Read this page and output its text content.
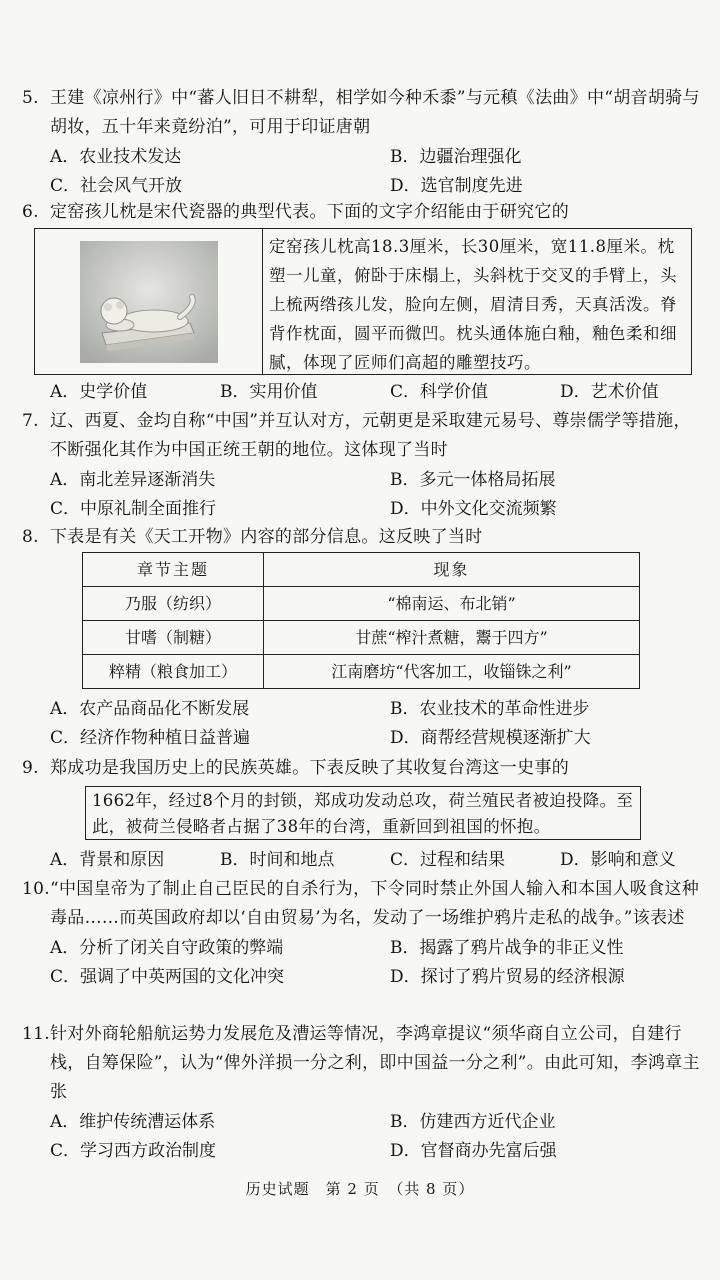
5. 王建《凉州行》中“蕃人旧日不耕犁，相学如今种禾黍”与元稹《法曲》中“胡音胡骑与胡妆，五十年来竟纷泊”，可用于印证唐朝
A．农业技术发达	B．边疆治理强化
C．社会风气开放	D．选官制度先进
6. 定窑孩儿枕是宋代瓷器的典型代表。下面的文字介绍能由于研究它的
定窑孩儿枕高18.3厘米，长30厘米，宽11.8厘米。枕塑一儿童，俯卧于床榻上，头斜枕于交叉的手臂上，头上梳两绺孩儿发，脸向左侧，眉清目秀，天真活泼。脊背作枕面，圆平而微凹。枕头通体施白釉，釉色柔和细腻，体现了匠师们高超的雕塑技巧。
A．史学价值	B．实用价值	C．科学价值	D．艺术价值
7. 辽、西夏、金均自称“中国”并互认对方，元朝更是采取建元易号、尊崇儒学等措施，不断强化其作为中国正统王朝的地位。这体现了当时
A．南北差异逐渐消失	B．多元一体格局拓展
C．中原礼制全面推行	D．中外文化交流频繁
8. 下表是有关《天工开物》内容的部分信息。这反映了当时
章节主题	现象
乃服（纺织）	“棉南运、布北销”
甘嗜（制糖）	甘蔗“榨汁煮糖，鬻于四方”
粹精（粮食加工）	江南磨坊“代客加工，收锱铢之利”
A．农产品商品化不断发展	B．农业技术的革命性进步
C．经济作物种植日益普遍	D．商帮经营规模逐渐扩大
9. 郑成功是我国历史上的民族英雄。下表反映了其收复台湾这一史事的
1662年，经过8个月的封锁，郑成功发动总攻，荷兰殖民者被迫投降。至此，被荷兰侵略者占据了38年的台湾，重新回到祖国的怀抱。
A．背景和原因	B．时间和地点	C．过程和结果	D．影响和意义
10.“中国皇帝为了制止自己臣民的自杀行为，下令同时禁止外国人输入和本国人吸食这种毒品……而英国政府却以‘自由贸易’为名，发动了一场维护鸦片走私的战争。”该表述
A．分析了闭关自守政策的弊端	B．揭露了鸦片战争的非正义性
C．强调了中英两国的文化冲突	D．探讨了鸦片贸易的经济根源
11.针对外商轮船航运势力发展危及漕运等情况，李鸿章提议“须华商自立公司，自建行栈，自筹保险”，认为“俾外洋损一分之利，即中国益一分之利”。由此可知，李鸿章主张
A．维护传统漕运体系	B．仿建西方近代企业
C．学习西方政治制度	D．官督商办先富后强
历史试题　第 2 页　（共 8 页）
